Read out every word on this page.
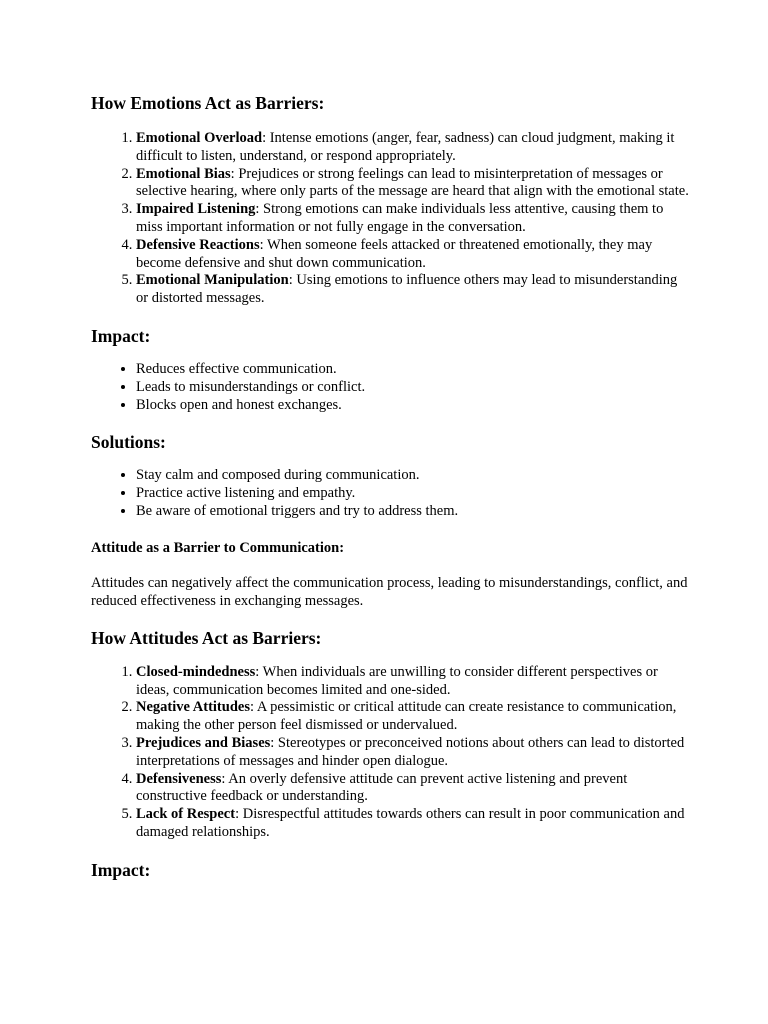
How Emotions Act as Barriers:
1. Emotional Overload: Intense emotions (anger, fear, sadness) can cloud judgment, making it difficult to listen, understand, or respond appropriately.
2. Emotional Bias: Prejudices or strong feelings can lead to misinterpretation of messages or selective hearing, where only parts of the message are heard that align with the emotional state.
3. Impaired Listening: Strong emotions can make individuals less attentive, causing them to miss important information or not fully engage in the conversation.
4. Defensive Reactions: When someone feels attacked or threatened emotionally, they may become defensive and shut down communication.
5. Emotional Manipulation: Using emotions to influence others may lead to misunderstanding or distorted messages.
Impact:
• Reduces effective communication.
• Leads to misunderstandings or conflict.
• Blocks open and honest exchanges.
Solutions:
• Stay calm and composed during communication.
• Practice active listening and empathy.
• Be aware of emotional triggers and try to address them.
Attitude as a Barrier to Communication:

Attitudes can negatively affect the communication process, leading to misunderstandings, conflict, and reduced effectiveness in exchanging messages.

How Attitudes Act as Barriers:
1. Closed-mindedness: When individuals are unwilling to consider different perspectives or ideas, communication becomes limited and one-sided.
2. Negative Attitudes: A pessimistic or critical attitude can create resistance to communication, making the other person feel dismissed or undervalued.
3. Prejudices and Biases: Stereotypes or preconceived notions about others can lead to distorted interpretations of messages and hinder open dialogue.
4. Defensiveness: An overly defensive attitude can prevent active listening and prevent constructive feedback or understanding.
5. Lack of Respect: Disrespectful attitudes towards others can result in poor communication and damaged relationships.
Impact:
